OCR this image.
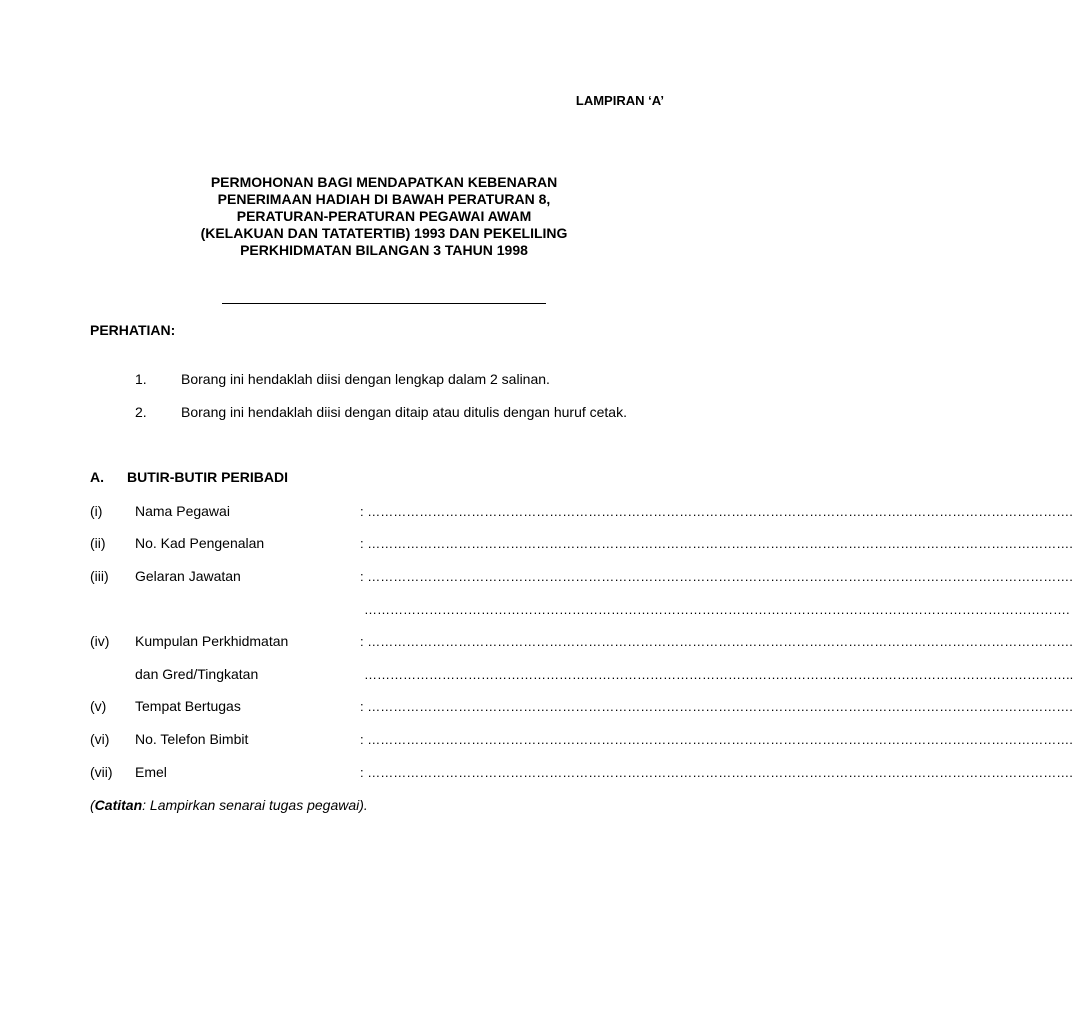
LAMPIRAN ‘A’
PERMOHONAN BAGI MENDAPATKAN KEBENARAN
PENERIMAAN HADIAH DI BAWAH PERATURAN 8,
PERATURAN-PERATURAN PEGAWAI AWAM
(KELAKUAN DAN TATATERTIB) 1993 DAN PEKELILING
PERKHIDMATAN BILANGAN 3 TAHUN 1998
PERHATIAN:
1. Borang ini hendaklah diisi dengan lengkap dalam 2 salinan.
2. Borang ini hendaklah diisi dengan ditaip atau ditulis dengan huruf cetak.
A. BUTIR-BUTIR PERIBADI
(i) Nama Pegawai	: ……………………………………………………………………………………………………………………………………………….
(ii) No. Kad Pengenalan	: ……………………………………………………………………………………………………………………………………………….
(iii) Gelaran Jawatan	: ……………………………………………………………………………………………………………………………………………….
……………………………………………………………………………………………………………………………………………….
(iv) Kumpulan Perkhidmatan	: ……………………………………………………………………………………………………………………………………………….
dan Gred/Tingkatan	………………………………………………………………………………………………………………………………………………..
(v) Tempat Bertugas	: ……………………………………………………………………………………………………………………………………………….
(vi) No. Telefon Bimbit	: ……………………………………………………………………………………………………………………………………………….
(vii) Emel	: ……………………………………………………………………………………………………………………………………………….
(Catitan: Lampirkan senarai tugas pegawai).
